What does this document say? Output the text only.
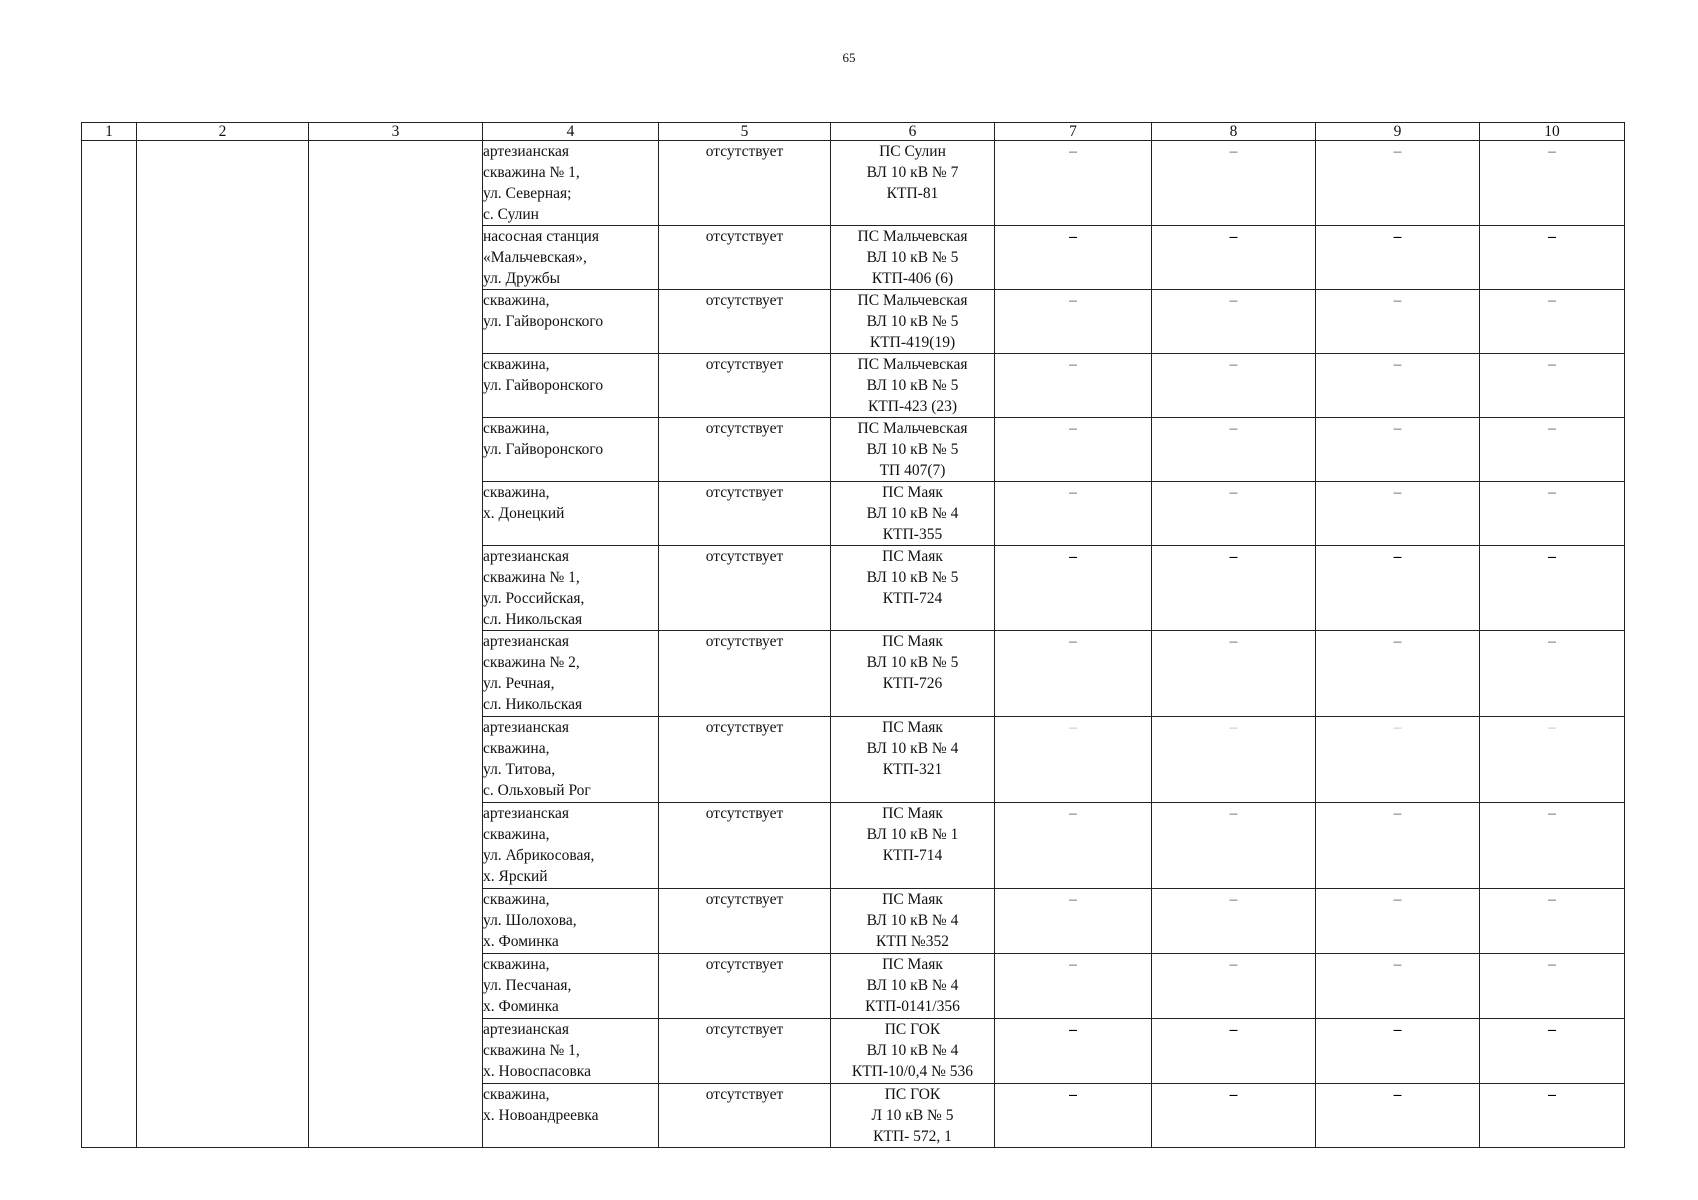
65
1	2	3	4	5	6	7	8	9	10

			артезианская
скважина № 1,
ул. Северная;
с. Сулин	отсутствует	ПС Сулин
ВЛ 10 кВ № 7
КТП-81	–	–	–	–

			насосная станция
«Мальчевская»,
ул. Дружбы	отсутствует	ПС Мальчевская
ВЛ 10 кВ № 5
КТП-406 (6)	–	–	–	–

			скважина,
ул. Гайворонского	отсутствует	ПС Мальчевская
ВЛ 10 кВ № 5
КТП-419(19)	–	–	–	–

			скважина,
ул. Гайворонского	отсутствует	ПС Мальчевская
ВЛ 10 кВ № 5
КТП-423 (23)	–	–	–	–

			скважина,
ул. Гайворонского	отсутствует	ПС Мальчевская
ВЛ 10 кВ № 5
ТП 407(7)	–	–	–	–

			скважина,
х. Донецкий	отсутствует	ПС Маяк
ВЛ 10 кВ № 4
КТП-355	–	–	–	–

			артезианская
скважина № 1,
ул. Российская,
сл. Никольская	отсутствует	ПС Маяк
ВЛ 10 кВ № 5
КТП-724	–	–	–	–

			артезианская
скважина № 2,
ул. Речная,
сл. Никольская	отсутствует	ПС Маяк
ВЛ 10 кВ № 5
КТП-726	–	–	–	–

			артезианская
скважина,
ул. Титова,
с. Ольховый Рог	отсутствует	ПС Маяк
ВЛ 10 кВ № 4
КТП-321	–	–	–	–

			артезианская
скважина,
ул. Абрикосовая,
х. Ярский	отсутствует	ПС Маяк
ВЛ 10 кВ № 1
КТП-714	–	–	–	–

			скважина,
ул. Шолохова,
х. Фоминка	отсутствует	ПС Маяк
ВЛ 10 кВ № 4
КТП №352	–	–	–	–

			скважина,
ул. Песчаная,
х. Фоминка	отсутствует	ПС Маяк
ВЛ 10 кВ № 4
КТП-0141/356	–	–	–	–

			артезианская
скважина № 1,
х. Новоспасовка	отсутствует	ПС ГОК
ВЛ 10 кВ № 4
КТП-10/0,4 № 536	–	–	–	–

			скважина,
х. Новоандреевка	отсутствует	ПС ГОК
Л 10 кВ № 5
КТП- 572, 1	–	–	–	–
